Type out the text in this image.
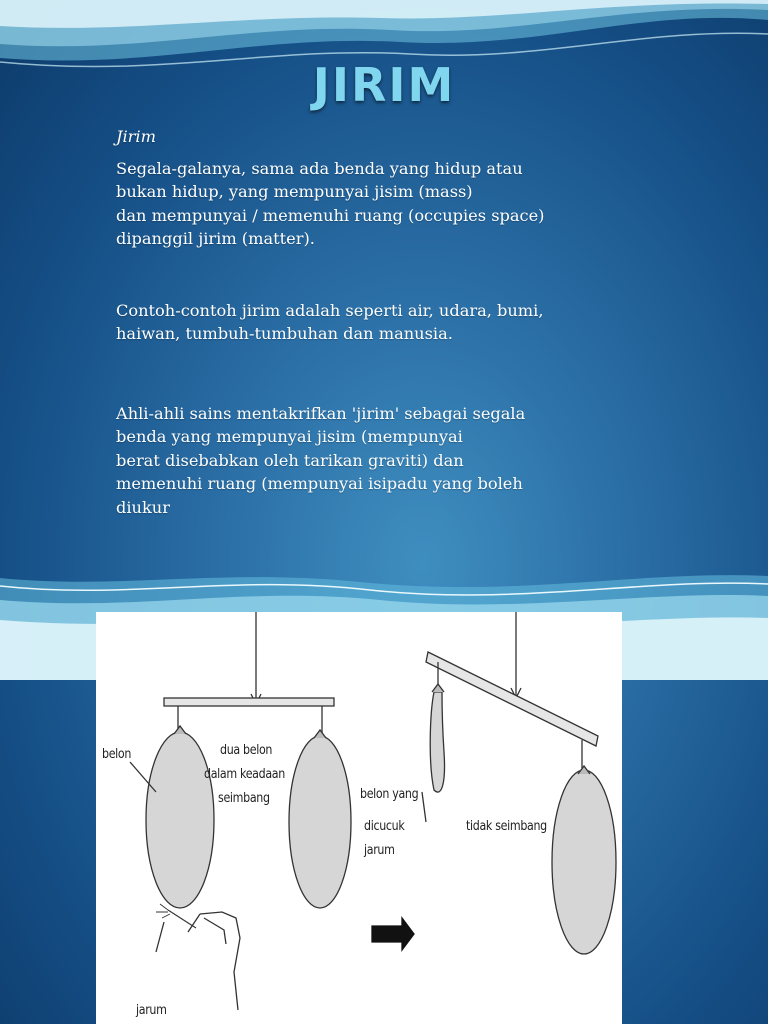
JIRIM

Jirim

Segala-galanya, sama ada benda yang hidup atau

bukan hidup, yang mempunyai jisim (mass)

dan mempunyai / memenuhi ruang (occupies space)

dipanggil jirim (matter).

Contoh-contoh jirim adalah seperti air, udara, bumi,

haiwan, tumbuh-tumbuhan dan manusia.

Ahli-ahli sains mentakrifkan 'jirim' sebagai segala

benda yang mempunyai jisim (mempunyai

berat disebabkan oleh tarikan graviti) dan

memenuhi ruang (mempunyai isipadu yang boleh

diukur

belon	dua belon
dalam keadaan
seimbang	belon yang
dicucuk
jarum
tidak seimbang
jarum
